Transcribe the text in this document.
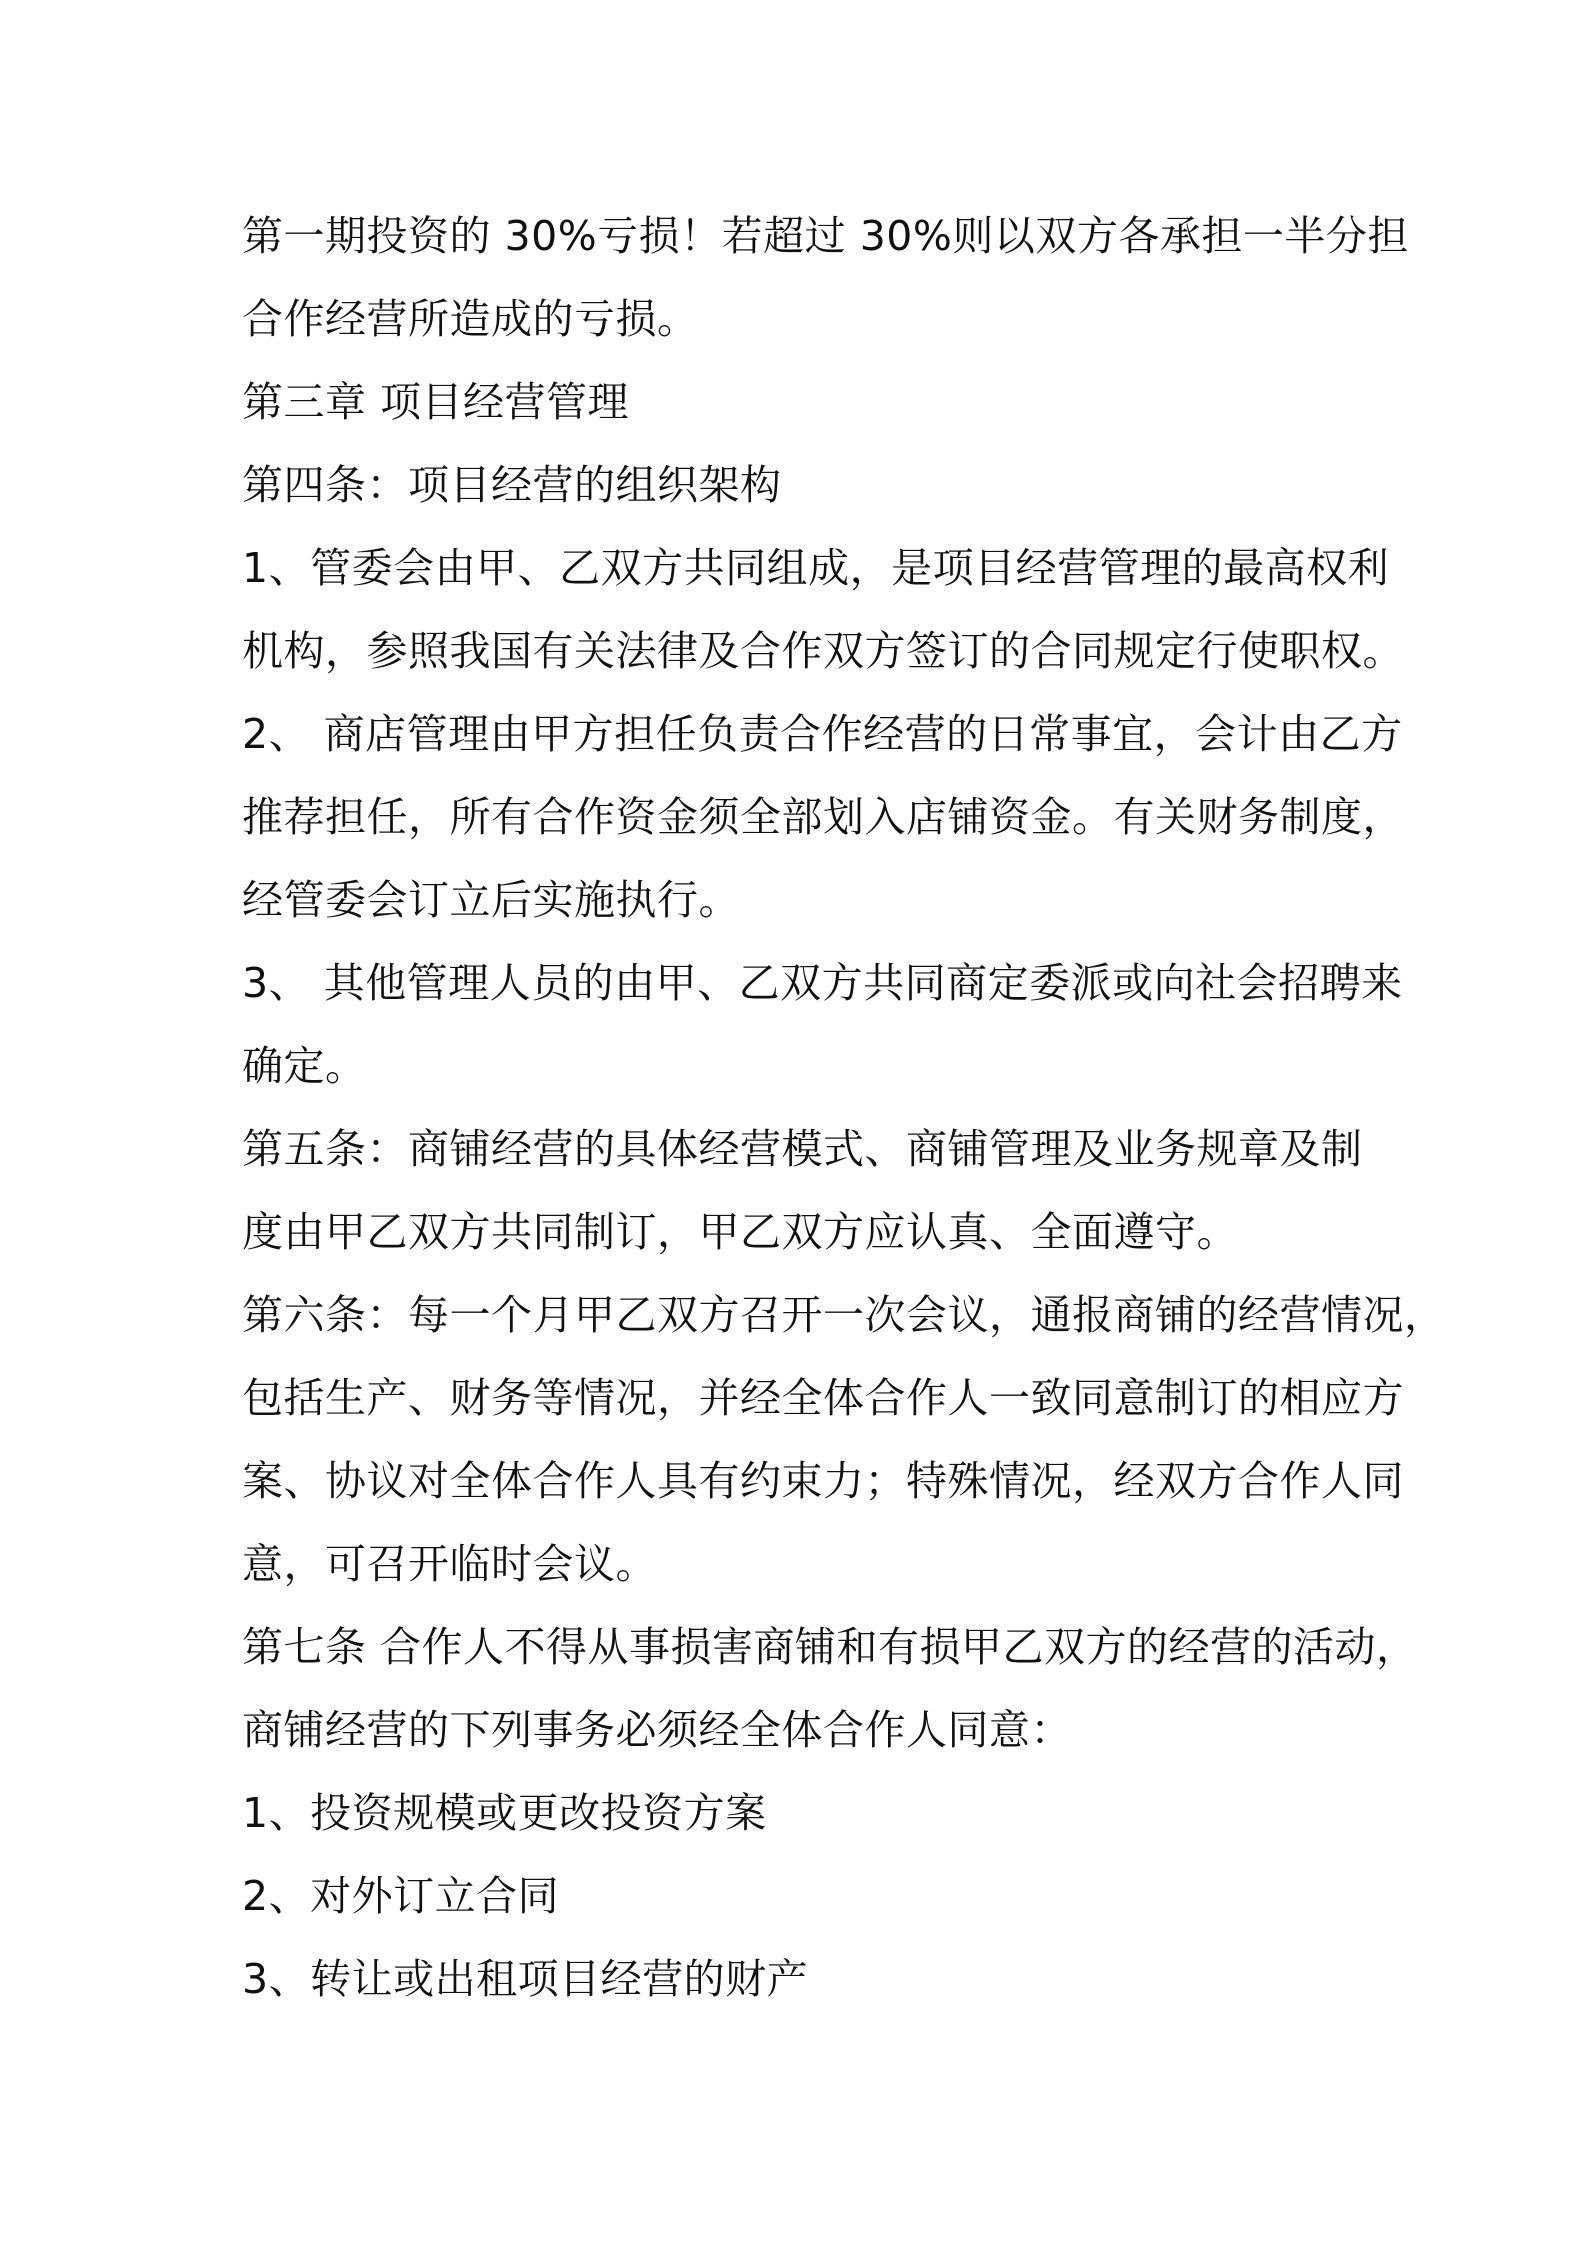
第一期投资的 30%亏损！若超过 30%则以双方各承担一半分担
合作经营所造成的亏损。
第三章 项目经营管理
第四条：项目经营的组织架构
1、管委会由甲、乙双方共同组成，是项目经营管理的最高权利
机构，参照我国有关法律及合作双方签订的合同规定行使职权。
2、 商店管理由甲方担任负责合作经营的日常事宜，会计由乙方
推荐担任，所有合作资金须全部划入店铺资金。有关财务制度，
经管委会订立后实施执行。
3、 其他管理人员的由甲、乙双方共同商定委派或向社会招聘来
确定。
第五条：商铺经营的具体经营模式、商铺管理及业务规章及制
度由甲乙双方共同制订，甲乙双方应认真、全面遵守。
第六条：每一个月甲乙双方召开一次会议，通报商铺的经营情况，
包括生产、财务等情况，并经全体合作人一致同意制订的相应方
案、协议对全体合作人具有约束力；特殊情况，经双方合作人同
意，可召开临时会议。
第七条 合作人不得从事损害商铺和有损甲乙双方的经营的活动，
商铺经营的下列事务必须经全体合作人同意：
1、投资规模或更改投资方案
2、对外订立合同
3、转让或出租项目经营的财产
